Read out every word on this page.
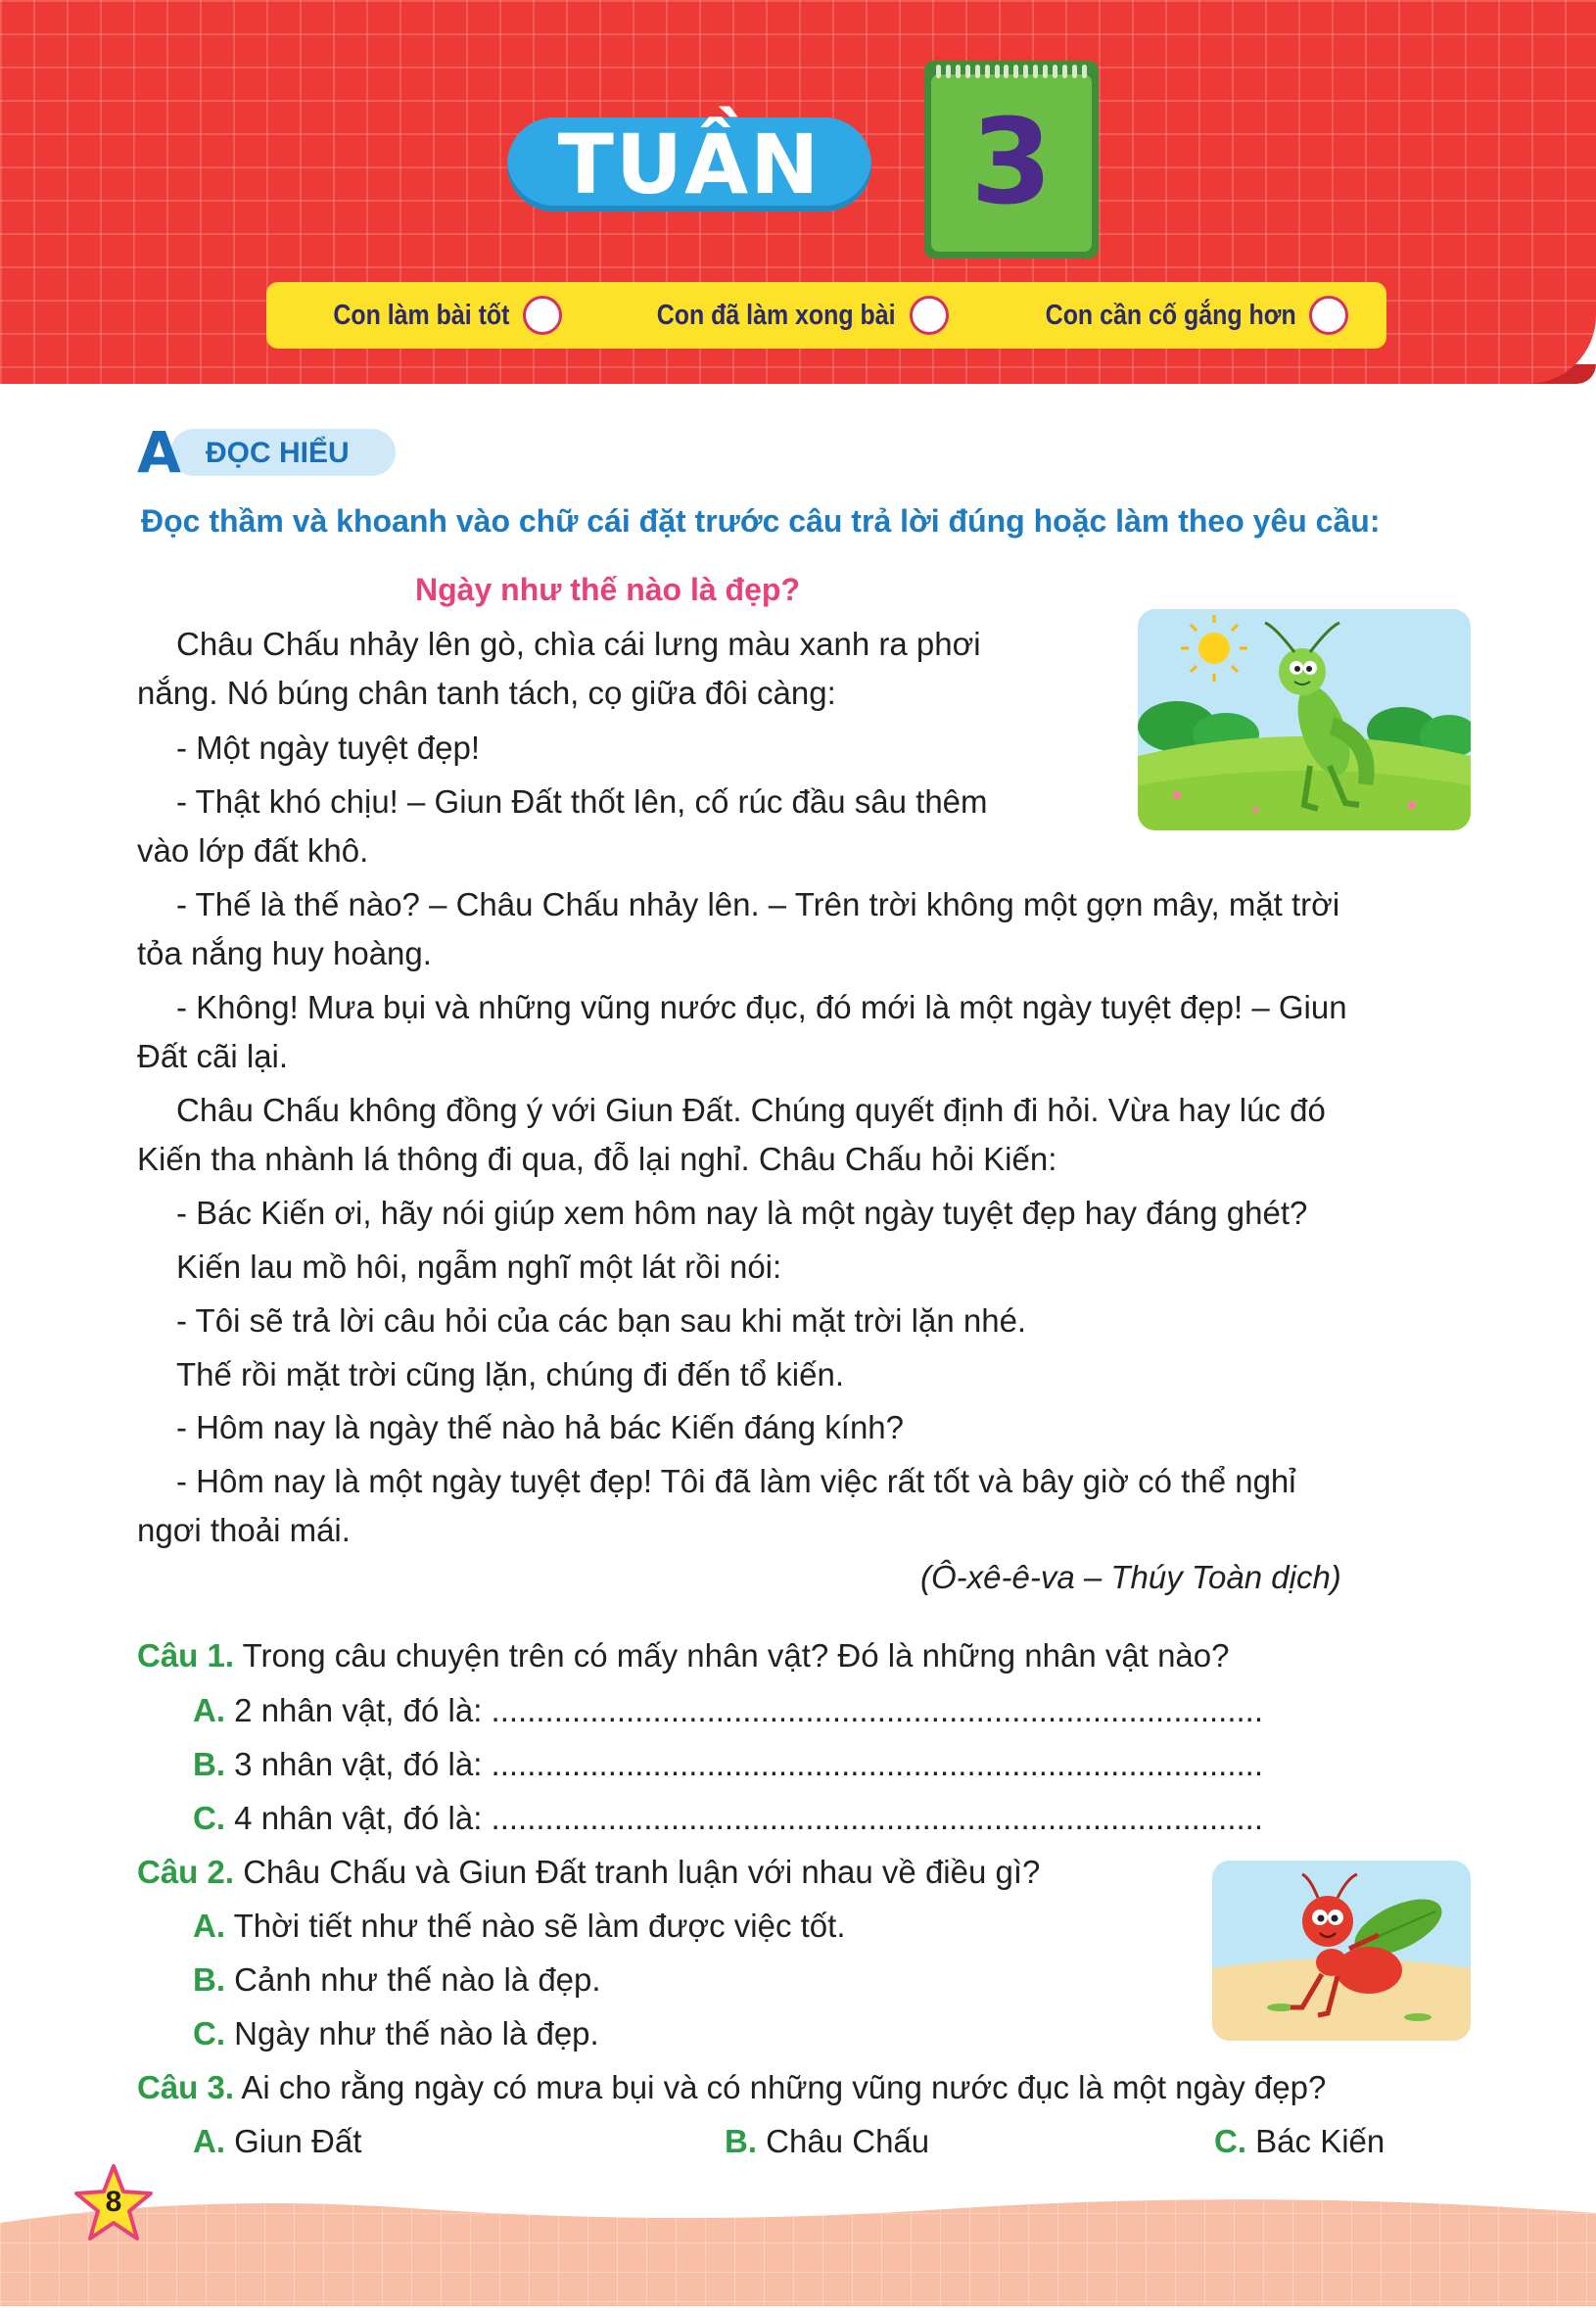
TUẦN 3
Con làm bài tốt	Con đã làm xong bài	Con cần cố gắng hơn
A ĐỌC HIỂU
Đọc thầm và khoanh vào chữ cái đặt trước câu trả lời đúng hoặc làm theo yêu cầu:
Ngày như thế nào là đẹp?
Châu Chấu nhảy lên gò, chìa cái lưng màu xanh ra phơi
nắng. Nó búng chân tanh tách, cọ giữa đôi càng:
- Một ngày tuyệt đẹp!
- Thật khó chịu! – Giun Đất thốt lên, cố rúc đầu sâu thêm
vào lớp đất khô.
- Thế là thế nào? – Châu Chấu nhảy lên. – Trên trời không một gợn mây, mặt trời
tỏa nắng huy hoàng.
- Không! Mưa bụi và những vũng nước đục, đó mới là một ngày tuyệt đẹp! – Giun
Đất cãi lại.
Châu Chấu không đồng ý với Giun Đất. Chúng quyết định đi hỏi. Vừa hay lúc đó
Kiến tha nhành lá thông đi qua, đỗ lại nghỉ. Châu Chấu hỏi Kiến:
- Bác Kiến ơi, hãy nói giúp xem hôm nay là một ngày tuyệt đẹp hay đáng ghét?
Kiến lau mồ hôi, ngẫm nghĩ một lát rồi nói:
- Tôi sẽ trả lời câu hỏi của các bạn sau khi mặt trời lặn nhé.
Thế rồi mặt trời cũng lặn, chúng đi đến tổ kiến.
- Hôm nay là ngày thế nào hả bác Kiến đáng kính?
- Hôm nay là một ngày tuyệt đẹp! Tôi đã làm việc rất tốt và bây giờ có thể nghỉ
ngơi thoải mái.
(Ô-xê-ê-va – Thúy Toàn dịch)
Câu 1. Trong câu chuyện trên có mấy nhân vật? Đó là những nhân vật nào?
A. 2 nhân vật, đó là: ......................................................................................
B. 3 nhân vật, đó là: ......................................................................................
C. 4 nhân vật, đó là: ......................................................................................
Câu 2. Châu Chấu và Giun Đất tranh luận với nhau về điều gì?
A. Thời tiết như thế nào sẽ làm được việc tốt.
B. Cảnh như thế nào là đẹp.
C. Ngày như thế nào là đẹp.
Câu 3. Ai cho rằng ngày có mưa bụi và có những vũng nước đục là một ngày đẹp?
A. Giun Đất	B. Châu Chấu	C. Bác Kiến
8
